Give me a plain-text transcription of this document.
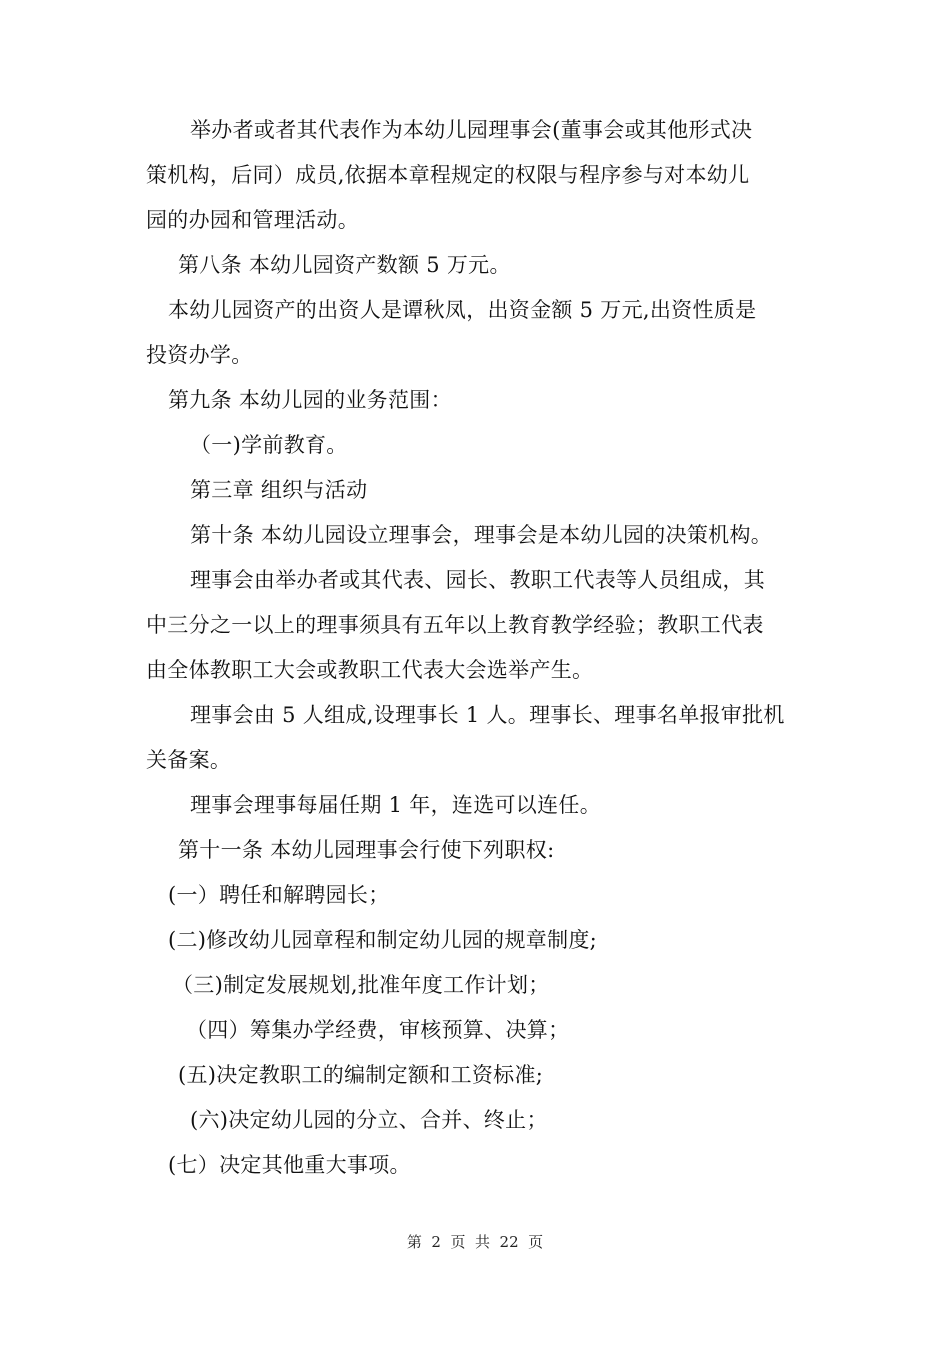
举办者或者其代表作为本幼儿园理事会(董事会或其他形式决
策机构，后同）成员,依据本章程规定的权限与程序参与对本幼儿
园的办园和管理活动。
第八条 本幼儿园资产数额 5 万元。
本幼儿园资产的出资人是谭秋凤，出资金额 5 万元,出资性质是
投资办学。
第九条 本幼儿园的业务范围：
（一)学前教育。
第三章 组织与活动
第十条 本幼儿园设立理事会，理事会是本幼儿园的决策机构。
理事会由举办者或其代表、园长、教职工代表等人员组成，其
中三分之一以上的理事须具有五年以上教育教学经验；教职工代表
由全体教职工大会或教职工代表大会选举产生。
理事会由 5 人组成,设理事长 1 人。理事长、理事名单报审批机
关备案。
理事会理事每届任期 1 年，连选可以连任。
第十一条 本幼儿园理事会行使下列职权:
(一）聘任和解聘园长；
(二)修改幼儿园章程和制定幼儿园的规章制度;
（三)制定发展规划,批准年度工作计划；
（四）筹集办学经费，审核预算、决算；
(五)决定教职工的编制定额和工资标准;
(六)决定幼儿园的分立、合并、终止；
(七）决定其他重大事项。
第  2  页  共  22  页
